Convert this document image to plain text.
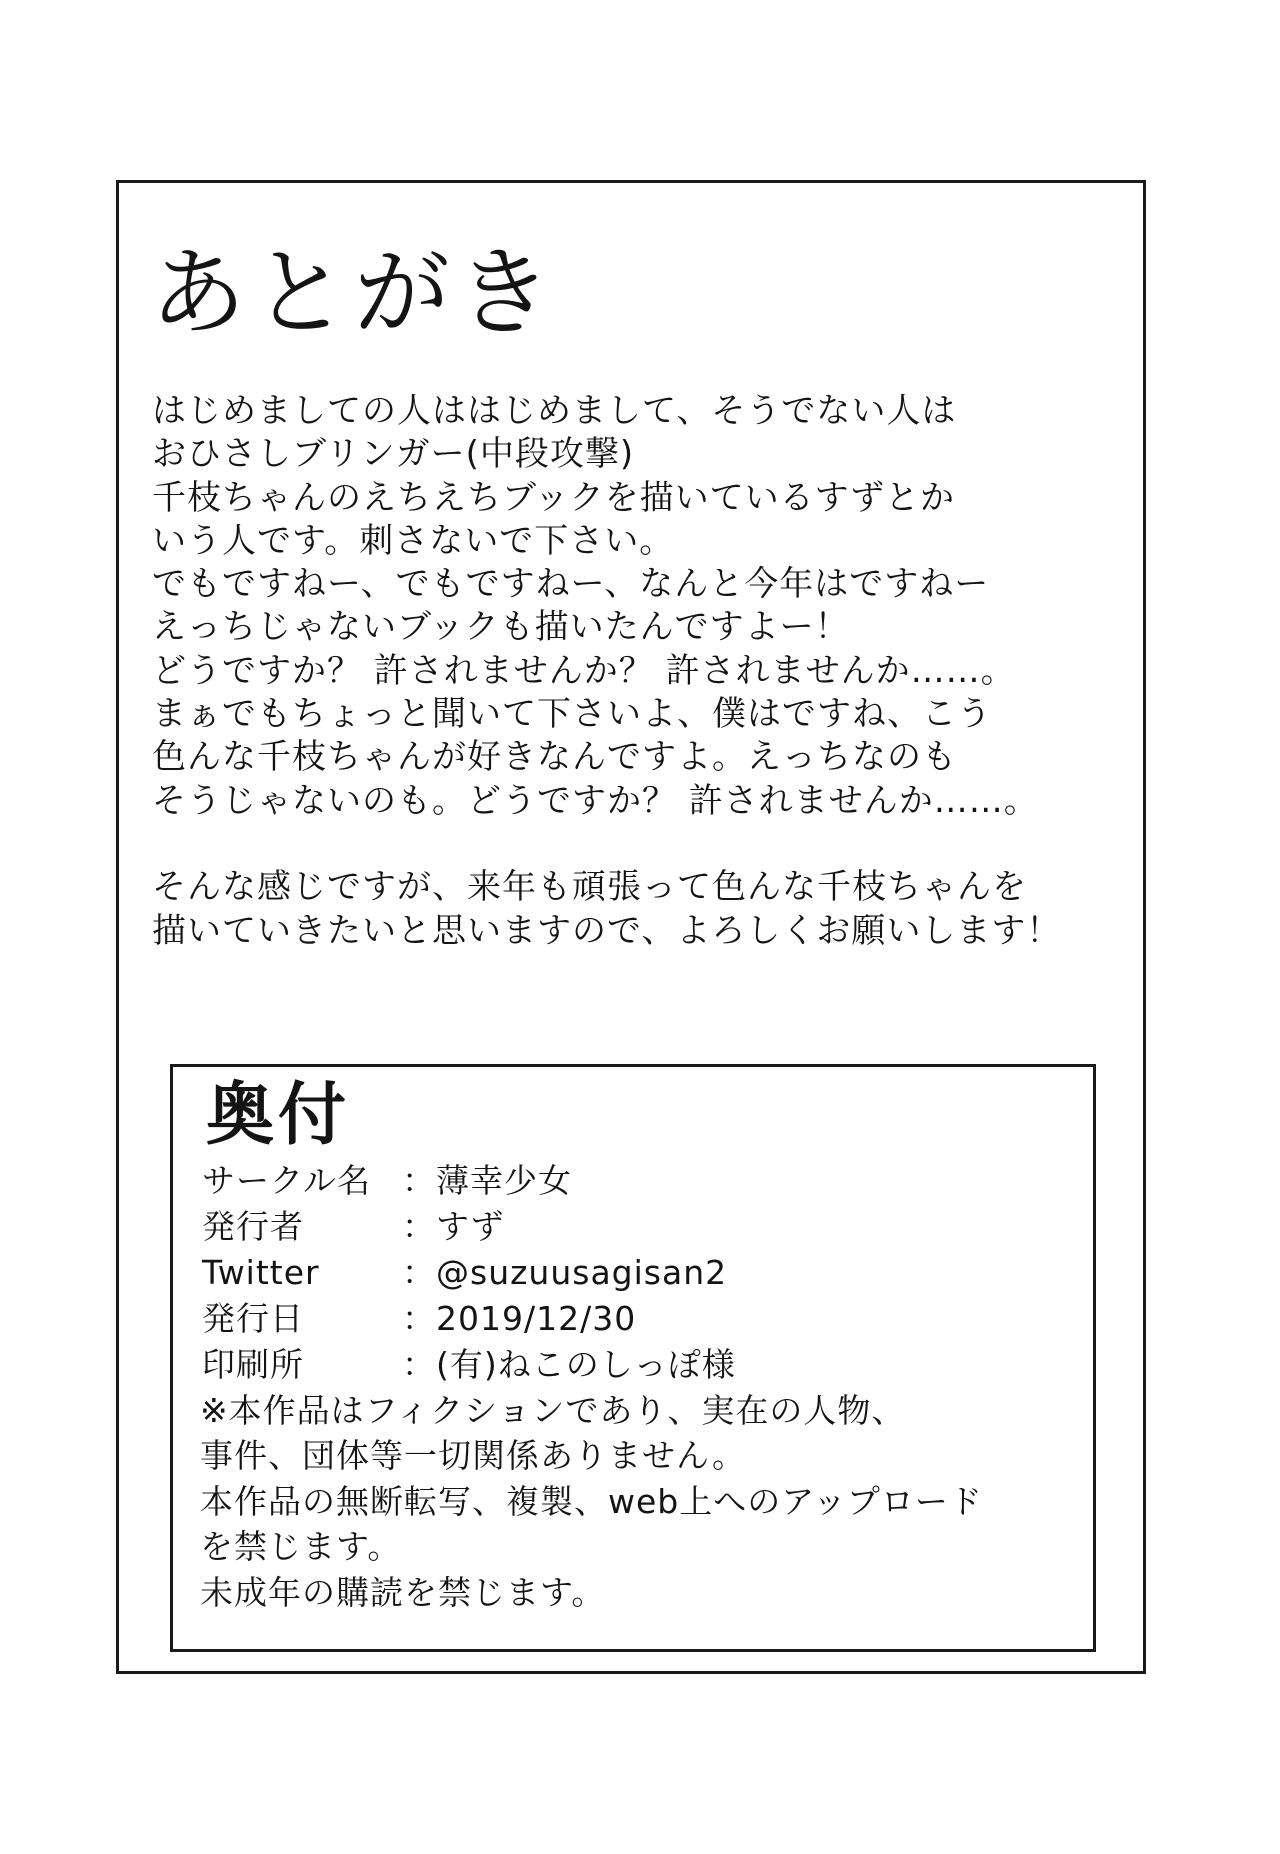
あとがき
はじめましての人ははじめまして、そうでない人は
おひさしブリンガー(中段攻撃)
千枝ちゃんのえちえちブックを描いているすずとか
いう人です。刺さないで下さい。
でもですねー、でもですねー、なんと今年はですねー
えっちじゃないブックも描いたんですよー！
どうですか？ 許されませんか？ 許されませんか……。
まぁでもちょっと聞いて下さいよ、僕はですね、こう
色んな千枝ちゃんが好きなんですよ。えっちなのも
そうじゃないのも。どうですか？ 許されませんか……。
そんな感じですが、来年も頑張って色んな千枝ちゃんを
描いていきたいと思いますので、よろしくお願いします！
奥付
サークル名 ：薄幸少女
発行者	：すず
Twitter ：@suzuusagisan2
発行日	：2019/12/30
印刷所	：(有)ねこのしっぽ様
※本作品はフィクションであり、実在の人物、
事件、団体等一切関係ありません。
本作品の無断転写、複製、web上へのアップロード
を禁じます。
未成年の購読を禁じます。
